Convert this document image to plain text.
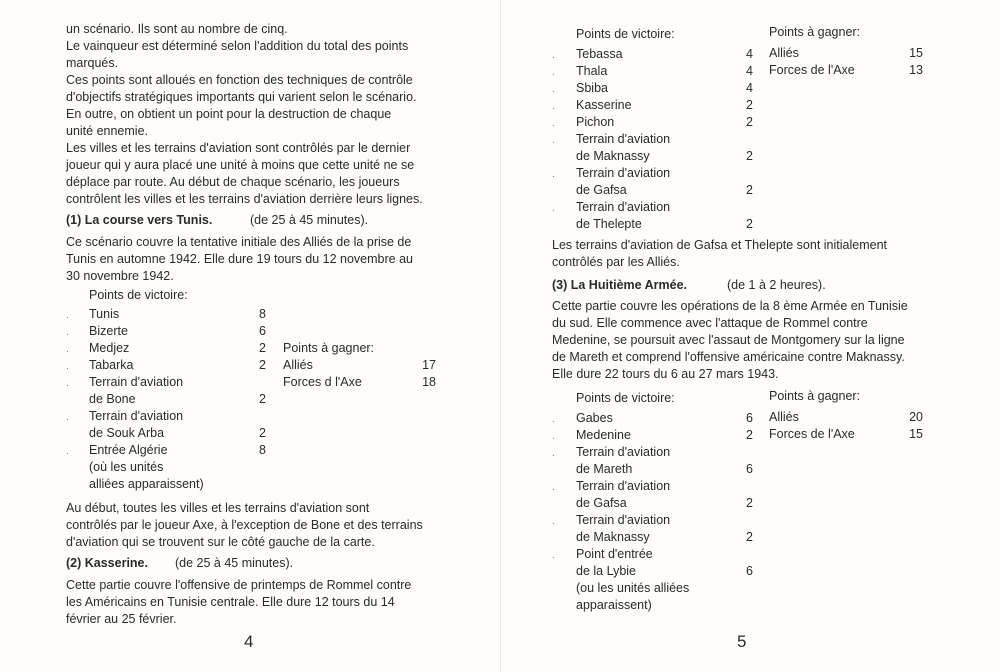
un scénario. Ils sont au nombre de cinq.

Le vainqueur est déterminé selon l'addition du total des points

marqués.

Ces points sont alloués en fonction des techniques de contrôle

d'objectifs stratégiques importants qui varient selon le scénario.

En outre, on obtient un point pour la destruction de chaque

unité ennemie.

Les villes et les terrains d'aviation sont contrôlés par le dernier

joueur qui y aura placé une unité à moins que cette unité ne se

déplace par route. Au début de chaque scénario, les joueurs

contrôlent les villes et les terrains d'aviation derrière leurs lignes.

(1) La course vers Tunis.	(de 25 à 45 minutes).

Ce scénario couvre la tentative initiale des Alliés de la prise de

Tunis en automne 1942. Elle dure 19 tours du 12 novembre au

30 novembre 1942.

Points de victoire:

. Tunis	8
. Bizerte	6
. Medjez	2
. Tabarka	2
. Terrain d'aviation

de Bone	2
. Terrain d'aviation

de Souk Arba	2
. Entrée Algérie	8

(où les unités

alliées apparaissent)

Points à gagner:

Alliés	17

Forces d l'Axe	18

Au début, toutes les villes et les terrains d'aviation sont

contrôlés par le joueur Axe, à l'exception de Bone et des terrains

d'aviation qui se trouvent sur le côté gauche de la carte.

(2) Kasserine. (de 25 à 45 minutes).

Cette partie couvre l'offensive de printemps de Rommel contre

les Américains en Tunisie centrale. Elle dure 12 tours du 14

février au 25 février.

4

Points de victoire:

. Tebassa	4
. Thala	4
. Sbiba	4
. Kasserine	2
. Pichon	2
. Terrain d'aviation

de Maknassy	2
. Terrain d'aviation

de Gafsa	2
. Terrain d'aviation

de Thelepte	2

Points à gagner:

Alliés	15

Forces de l'Axe	13

Les terrains d'aviation de Gafsa et Thelepte sont initialement

contrôlés par les Alliés.

(3) La Huitième Armée.	(de 1 à 2 heures).

Cette partie couvre les opérations de la 8 ème Armée en Tunisie

du sud. Elle commence avec l'attaque de Rommel contre

Medenine, se poursuit avec l'assaut de Montgomery sur la ligne

de Mareth et comprend l'offensive américaine contre Maknassy.

Elle dure 22 tours du 6 au 27 mars 1943.

Points de victoire:

. Gabes	6
. Medenine	2
. Terrain d'aviation

de Mareth	6
. Terrain d'aviation

de Gafsa	2
. Terrain d'aviation

de Maknassy	2
. Point d'entrée

de la Lybie	6

(ou les unités alliées

apparaissent)

Points à gagner:

Alliés	20

Forces de l'Axe	15
5
